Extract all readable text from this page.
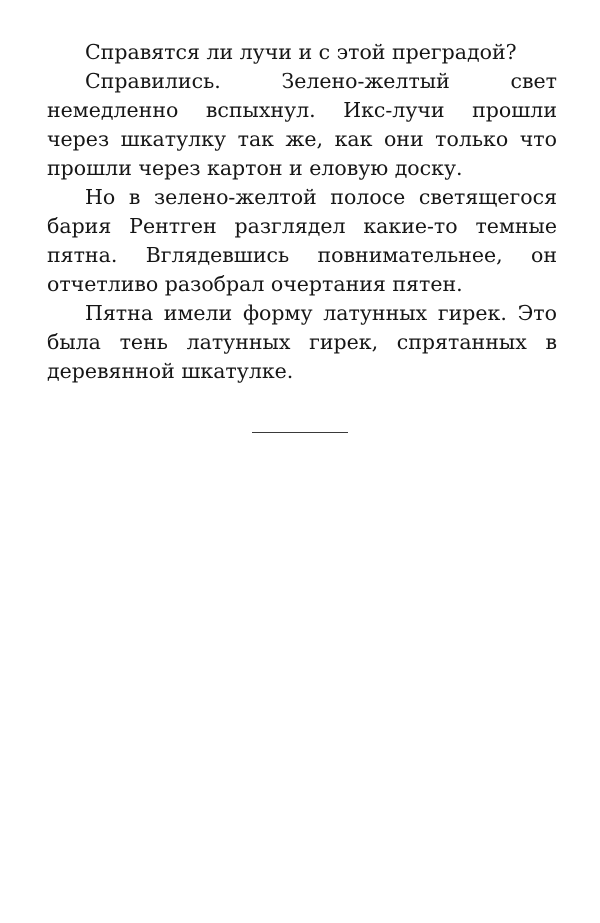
Справятся ли лучи и с этой преградой?

Справились. Зелено-желтый свет немедленно вспыхнул. Икс-лучи прошли через шкатулку так же, как они только что прошли через картон и еловую доску.

Но в зелено-желтой полосе светящегося бария Рентген разглядел какие-то темные пятна. Вглядевшись повнимательнее, он отчетливо разобрал очертания пятен.

Пятна имели форму латунных гирек. Это была тень латунных гирек, спрятанных в деревянной шкатулке.
